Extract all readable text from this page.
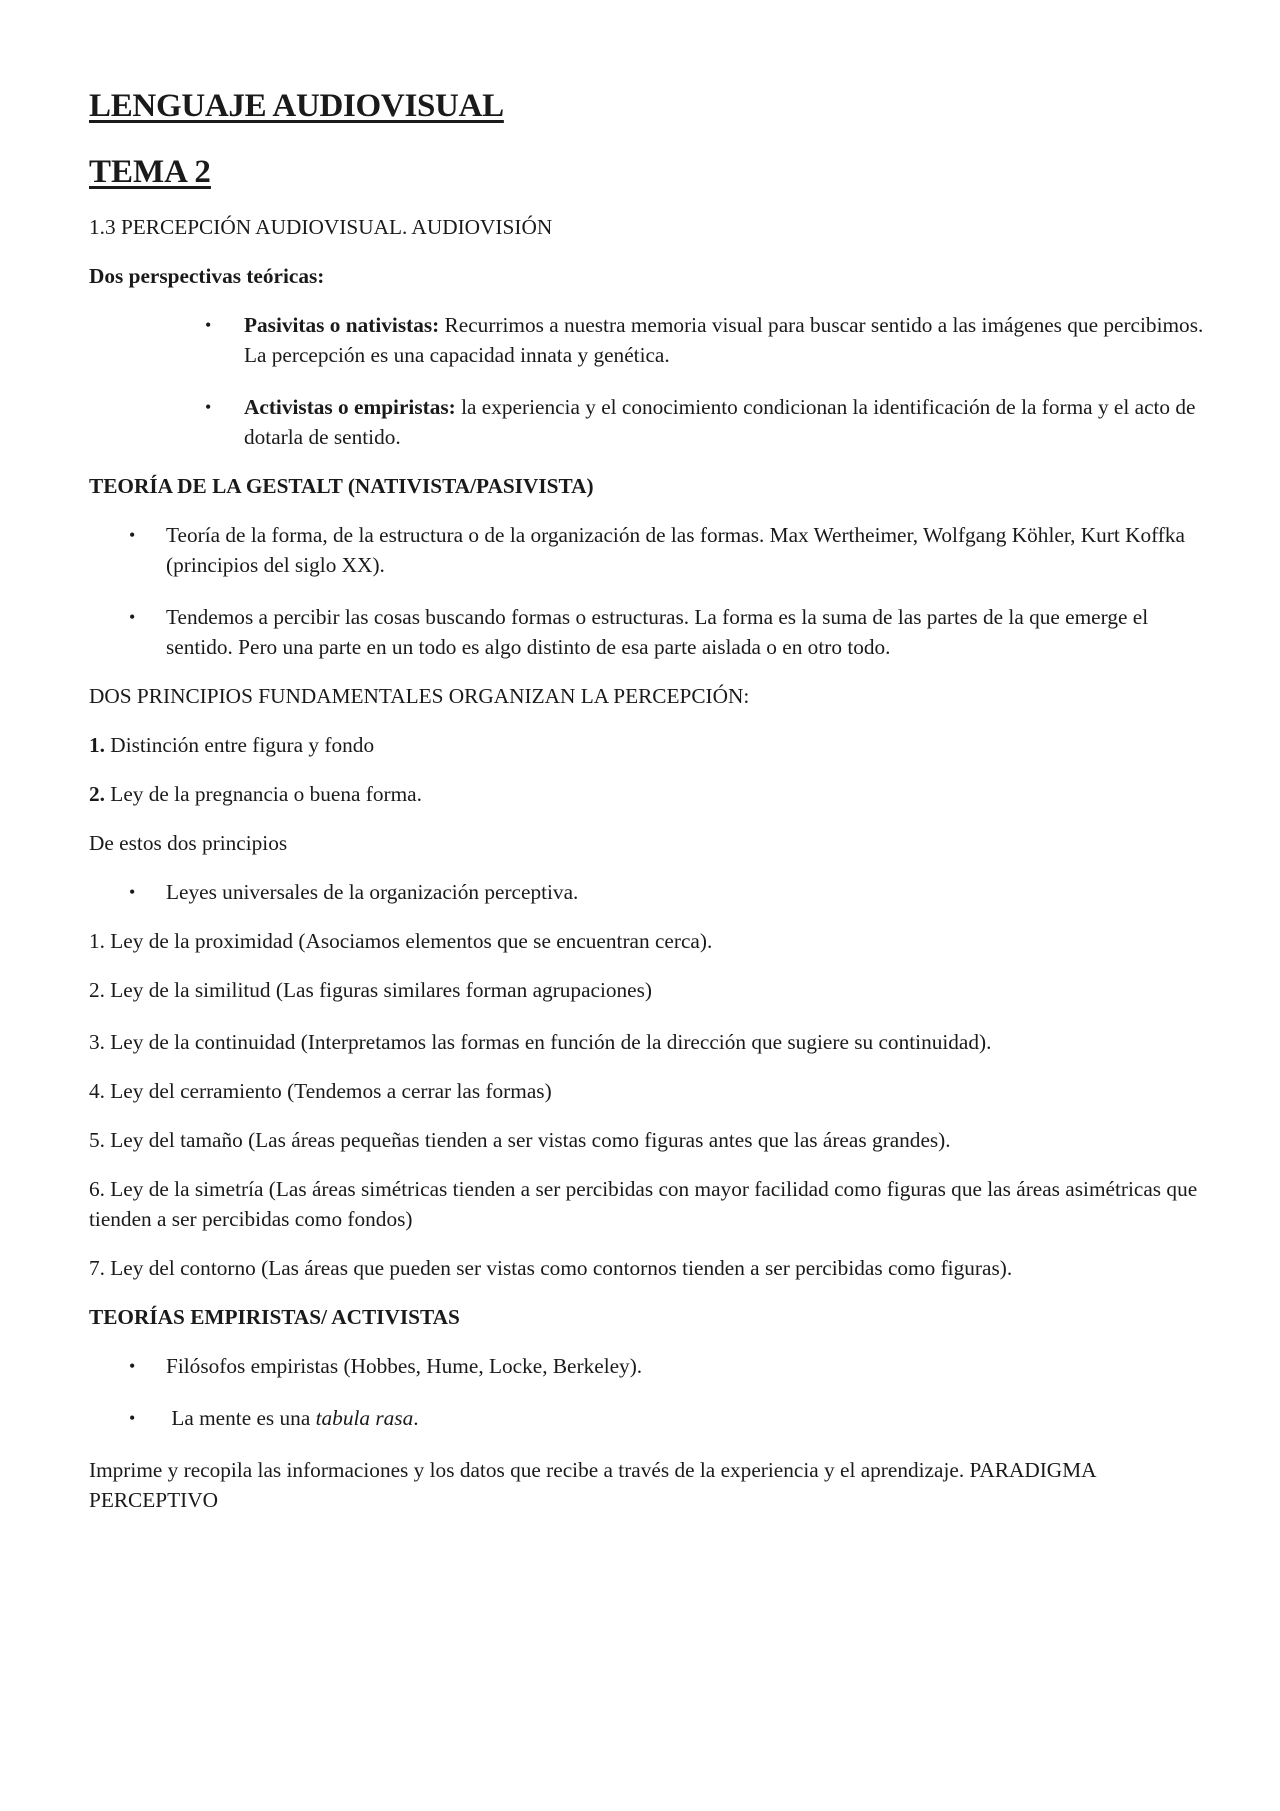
LENGUAJE AUDIOVISUAL
TEMA 2

1.3 PERCEPCIÓN AUDIOVISUAL. AUDIOVISIÓN

Dos perspectivas teóricas:

• Pasivitas o nativistas: Recurrimos a nuestra memoria visual para buscar sentido a las imágenes que percibimos. La percepción es una capacidad innata y genética.
• Activistas o empiristas: la experiencia y el conocimiento condicionan la identificación de la forma y el acto de dotarla de sentido.

TEORÍA DE LA GESTALT (NATIVISTA/PASIVISTA)

• Teoría de la forma, de la estructura o de la organización de las formas. Max Wertheimer, Wolfgang Köhler, Kurt Koffka (principios del siglo XX).
• Tendemos a percibir las cosas buscando formas o estructuras. La forma es la suma de las partes de la que emerge el sentido. Pero una parte en un todo es algo distinto de esa parte aislada o en otro todo.

DOS PRINCIPIOS FUNDAMENTALES ORGANIZAN LA PERCEPCIÓN:

1. Distinción entre figura y fondo

2. Ley de la pregnancia o buena forma.

De estos dos principios

• Leyes universales de la organización perceptiva.

1. Ley de la proximidad (Asociamos elementos que se encuentran cerca).

2. Ley de la similitud (Las figuras similares forman agrupaciones)

3. Ley de la continuidad (Interpretamos las formas en función de la dirección que sugiere su continuidad).

4. Ley del cerramiento (Tendemos a cerrar las formas)

5. Ley del tamaño (Las áreas pequeñas tienden a ser vistas como figuras antes que las áreas grandes).

6. Ley de la simetría (Las áreas simétricas tienden a ser percibidas con mayor facilidad como figuras que las áreas asimétricas que tienden a ser percibidas como fondos)

7. Ley del contorno (Las áreas que pueden ser vistas como contornos tienden a ser percibidas como figuras).

TEORÍAS EMPIRISTAS/ ACTIVISTAS

• Filósofos empiristas (Hobbes, Hume, Locke, Berkeley).
• La mente es una tabula rasa.

Imprime y recopila las informaciones y los datos que recibe a través de la experiencia y el aprendizaje. PARADIGMA PERCEPTIVO
